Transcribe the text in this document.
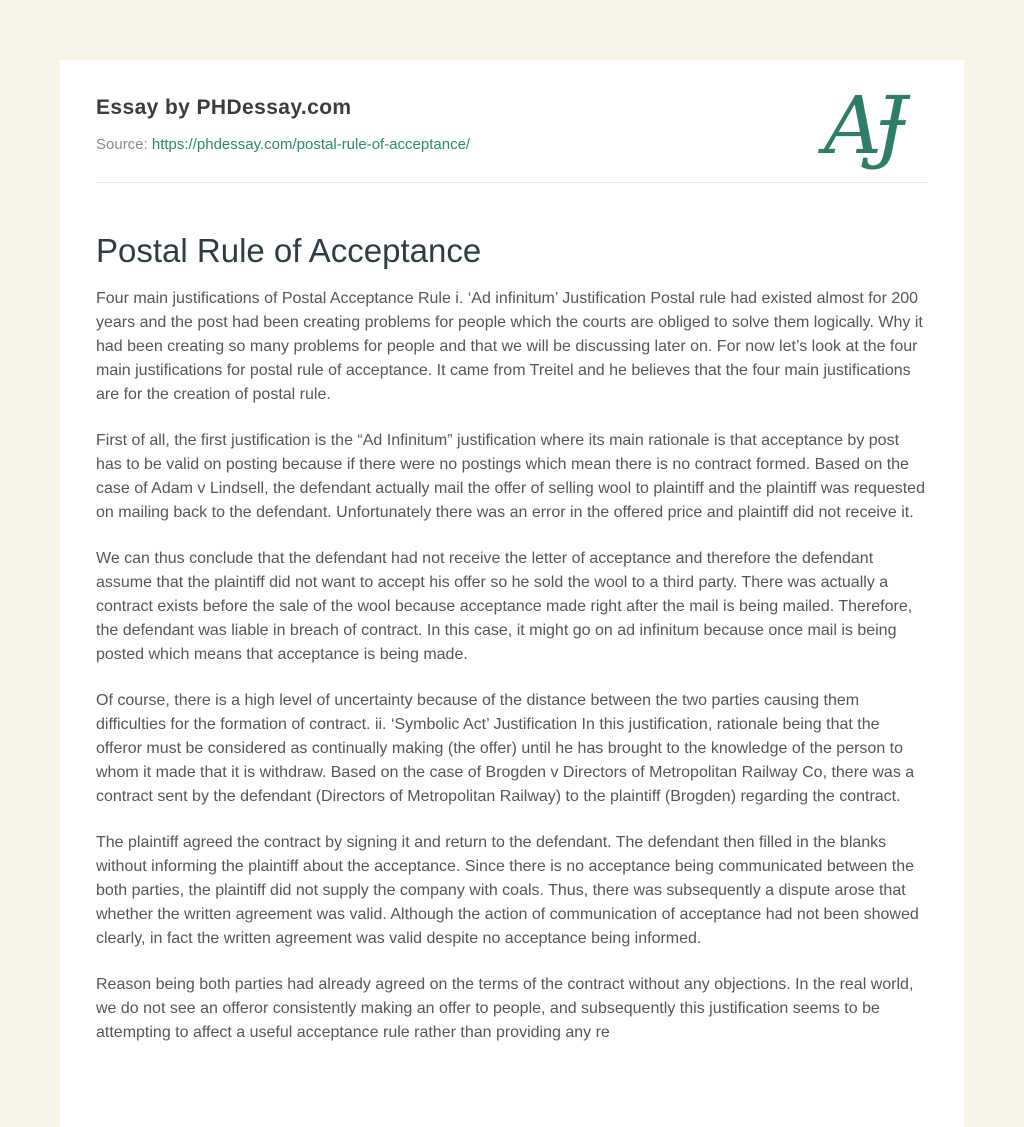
Essay by PHDessay.com

Source: https://phdessay.com/postal-rule-of-acceptance/	AɈ
Postal Rule of Acceptance

Four main justifications of Postal Acceptance Rule i. ‘Ad infinitum’ Justification Postal rule had existed almost for 200 years and the post had been creating problems for people which the courts are obliged to solve them logically. Why it had been creating so many problems for people and that we will be discussing later on. For now let’s look at the four main justifications for postal rule of acceptance. It came from Treitel and he believes that the four main justifications are for the creation of postal rule.

First of all, the first justification is the “Ad Infinitum” justification where its main rationale is that acceptance by post has to be valid on posting because if there were no postings which mean there is no contract formed. Based on the case of Adam v Lindsell, the defendant actually mail the offer of selling wool to plaintiff and the plaintiff was requested on mailing back to the defendant. Unfortunately there was an error in the offered price and plaintiff did not receive it.

We can thus conclude that the defendant had not receive the letter of acceptance and therefore the defendant assume that the plaintiff did not want to accept his offer so he sold the wool to a third party. There was actually a contract exists before the sale of the wool because acceptance made right after the mail is being mailed. Therefore, the defendant was liable in breach of contract. In this case, it might go on ad infinitum because once mail is being posted which means that acceptance is being made.

Of course, there is a high level of uncertainty because of the distance between the two parties causing them difficulties for the formation of contract. ii. ‘Symbolic Act’ Justification In this justification, rationale being that the offeror must be considered as continually making (the offer) until he has brought to the knowledge of the person to whom it made that it is withdraw. Based on the case of Brogden v Directors of Metropolitan Railway Co, there was a contract sent by the defendant (Directors of Metropolitan Railway) to the plaintiff (Brogden) regarding the contract.

The plaintiff agreed the contract by signing it and return to the defendant. The defendant then filled in the blanks without informing the plaintiff about the acceptance. Since there is no acceptance being communicated between the both parties, the plaintiff did not supply the company with coals. Thus, there was subsequently a dispute arose that whether the written agreement was valid. Although the action of communication of acceptance had not been showed clearly, in fact the written agreement was valid despite no acceptance being informed.

Reason being both parties had already agreed on the terms of the contract without any objections. In the real world, we do not see an offeror consistently making an offer to people, and subsequently this justification seems to be attempting to affect a useful acceptance rule rather than providing any re
